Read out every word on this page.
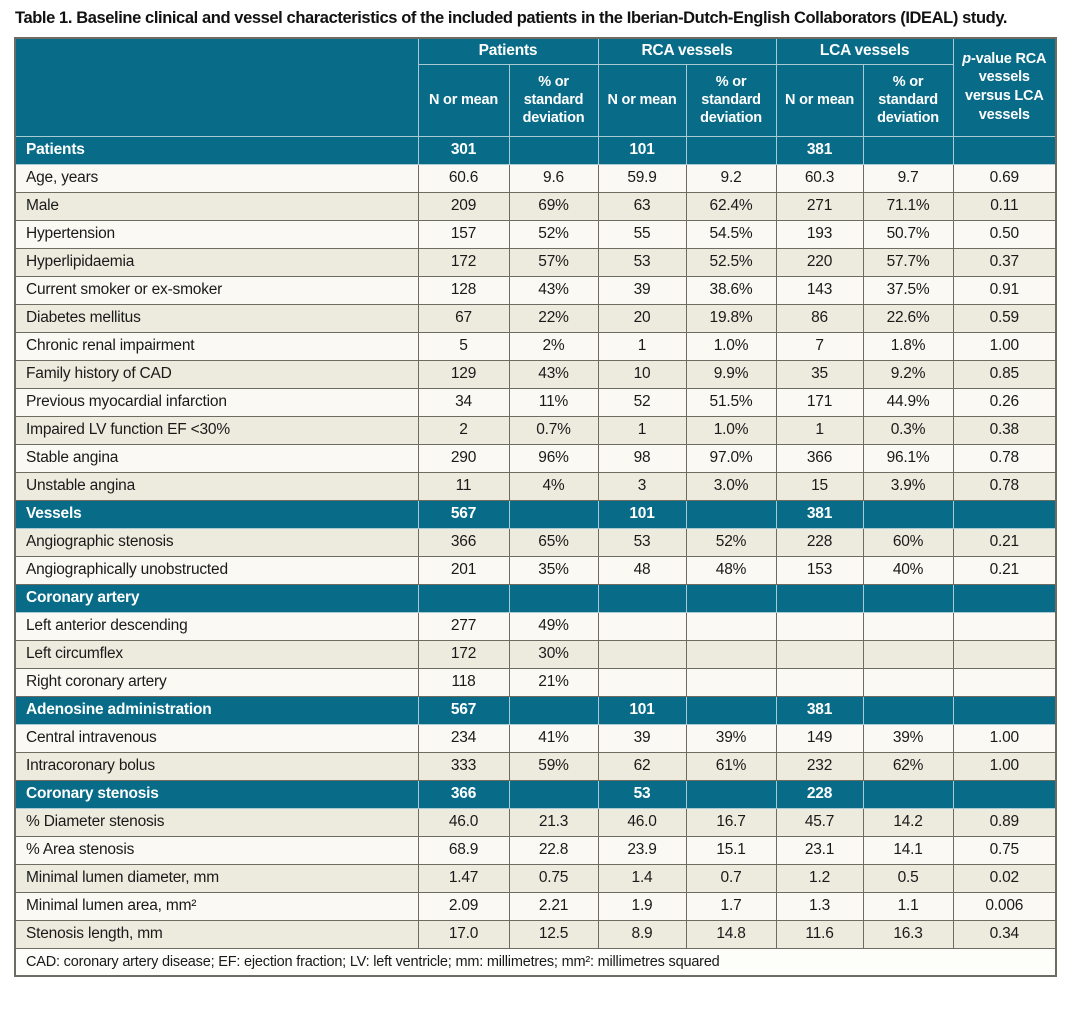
Table 1. Baseline clinical and vessel characteristics of the included patients in the Iberian-Dutch-English Collaborators (IDEAL) study.
	Patients		RCA vessels		LCA vessels		p-value RCA vessels versus LCA vessels
	N or mean	% or standard deviation	N or mean	% or standard deviation	N or mean	% or standard deviation	
Patients	301		101		381		
Age, years	60.6	9.6	59.9	9.2	60.3	9.7	0.69
Male	209	69%	63	62.4%	271	71.1%	0.11
Hypertension	157	52%	55	54.5%	193	50.7%	0.50
Hyperlipidaemia	172	57%	53	52.5%	220	57.7%	0.37
Current smoker or ex-smoker	128	43%	39	38.6%	143	37.5%	0.91
Diabetes mellitus	67	22%	20	19.8%	86	22.6%	0.59
Chronic renal impairment	5	2%	1	1.0%	7	1.8%	1.00
Family history of CAD	129	43%	10	9.9%	35	9.2%	0.85
Previous myocardial infarction	34	11%	52	51.5%	171	44.9%	0.26
Impaired LV function EF <30%	2	0.7%	1	1.0%	1	0.3%	0.38
Stable angina	290	96%	98	97.0%	366	96.1%	0.78
Unstable angina	11	4%	3	3.0%	15	3.9%	0.78
Vessels	567		101		381		
Angiographic stenosis	366	65%	53	52%	228	60%	0.21
Angiographically unobstructed	201	35%	48	48%	153	40%	0.21
Coronary artery							
Left anterior descending	277	49%					
Left circumflex	172	30%					
Right coronary artery	118	21%					
Adenosine administration	567		101		381		
Central intravenous	234	41%	39	39%	149	39%	1.00
Intracoronary bolus	333	59%	62	61%	232	62%	1.00
Coronary stenosis	366		53		228		
% Diameter stenosis	46.0	21.3	46.0	16.7	45.7	14.2	0.89
% Area stenosis	68.9	22.8	23.9	15.1	23.1	14.1	0.75
Minimal lumen diameter, mm	1.47	0.75	1.4	0.7	1.2	0.5	0.02
Minimal lumen area, mm²	2.09	2.21	1.9	1.7	1.3	1.1	0.006
Stenosis length, mm	17.0	12.5	8.9	14.8	11.6	16.3	0.34
CAD: coronary artery disease; EF: ejection fraction; LV: left ventricle; mm: millimetres; mm²: millimetres squared							
